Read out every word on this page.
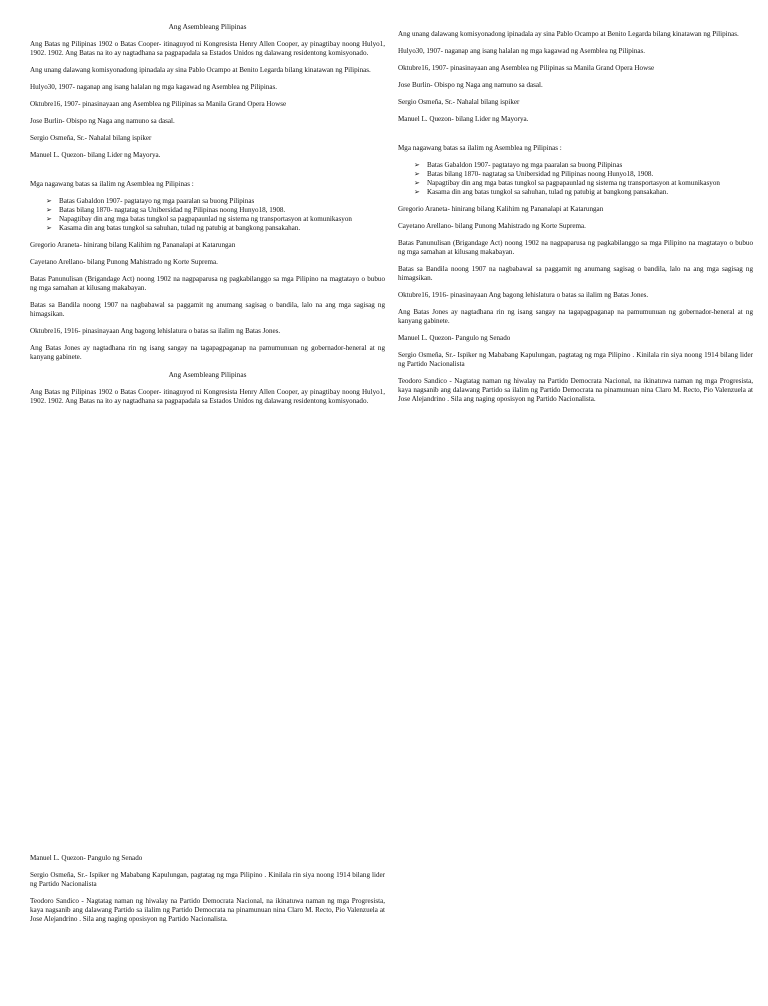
Ang Asembleang Pilipinas

Ang Batas ng Pilipinas 1902 o Batas Cooper- itinaguyod ni Kongresista Henry Allen Cooper, ay pinagtibay noong Hulyo1, 1902. 1902. Ang Batas na ito ay nagtadhana sa pagpapadala sa Estados Unidos ng dalawang residentong komisyonado.

Ang unang dalawang komisyonadong ipinadala ay sina Pablo Ocampo at Benito Legarda bilang kinatawan ng Pilipinas.

Hulyo30, 1907- naganap ang isang halalan ng mga kagawad ng Asemblea ng Pilipinas.

Oktubre16, 1907- pinasinayaan ang Asemblea ng Pilipinas sa Manila Grand Opera Howse

Jose Burlin- Obispo ng Naga ang namuno sa dasal.

Sergio Osmeña, Sr.- Nahalal bilang ispiker

Manuel L. Quezon- bilang Lider ng Mayorya.

Mga nagawang batas sa ilalim ng Asemblea ng Pilipinas :

➢ Batas Gabaldon 1907- pagtatayo ng mga paaralan sa buong Pilipinas
➢ Batas bilang 1870- nagtatag sa Unibersidad ng Pilipinas noong Hunyo18, 1908.
➢ Napagtibay din ang mga batas tungkol sa pagpapaunlad ng sistema ng transportasyon at komunikasyon
➢ Kasama din ang batas tungkol sa sahuhan, tulad ng patubig at bangkong pansakahan.

Gregorio Araneta- hinirang bilang Kalihim ng Pananalapi at Katarungan

Cayetano Arellano- bilang Punong Mahistrado ng Korte Suprema.

Batas Panunulisan (Brigandage Act) noong 1902 na nagpaparusa ng pagkabilanggo sa mga Pilipino na magtatayo o bubuo ng mga samahan at kilusang makabayan.

Batas sa Bandila noong 1907 na nagbabawal sa paggamit ng anumang sagisag o bandila, lalo na ang mga sagisag ng himagsikan.

Oktubre16, 1916- pinasinayaan Ang bagong lehislatura o batas sa ilalim ng Batas Jones.

Ang Batas Jones ay nagtadhana rin ng isang sangay na tagapagpaganap na pamumunuan ng gobernador-heneral at ng kanyang gabinete.

Ang Asembleang Pilipinas

Ang Batas ng Pilipinas 1902 o Batas Cooper- itinaguyod ni Kongresista Henry Allen Cooper, ay pinagtibay noong Hulyo1, 1902. 1902. Ang Batas na ito ay nagtadhana sa pagpapadala sa Estados Unidos ng dalawang residentong komisyonado.

Ang unang dalawang komisyonadong ipinadala ay sina Pablo Ocampo at Benito Legarda bilang kinatawan ng Pilipinas.

Hulyo30, 1907- naganap ang isang halalan ng mga kagawad ng Asemblea ng Pilipinas.

Oktubre16, 1907- pinasinayaan ang Asemblea ng Pilipinas sa Manila Grand Opera Howse

Jose Burlin- Obispo ng Naga ang namuno sa dasal.

Sergio Osmeña, Sr.- Nahalal bilang ispiker

Manuel L. Quezon- bilang Lider ng Mayorya.

Mga nagawang batas sa ilalim ng Asemblea ng Pilipinas :

➢ Batas Gabaldon 1907- pagtatayo ng mga paaralan sa buong Pilipinas
➢ Batas bilang 1870- nagtatag sa Unibersidad ng Pilipinas noong Hunyo18, 1908.
➢ Napagtibay din ang mga batas tungkol sa pagpapaunlad ng sistema ng transportasyon at komunikasyon
➢ Kasama din ang batas tungkol sa sahuhan, tulad ng patubig at bangkong pansakahan.

Gregorio Araneta- hinirang bilang Kalihim ng Pananalapi at Katarungan

Cayetano Arellano- bilang Punong Mahistrado ng Korte Suprema.

Batas Panunulisan (Brigandage Act) noong 1902 na nagpaparusa ng pagkabilanggo sa mga Pilipino na magtatayo o bubuo ng mga samahan at kilusang makabayan.

Batas sa Bandila noong 1907 na nagbabawal sa paggamit ng anumang sagisag o bandila, lalo na ang mga sagisag ng himagsikan.

Oktubre16, 1916- pinasinayaan Ang bagong lehislatura o batas sa ilalim ng Batas Jones.

Ang Batas Jones ay nagtadhana rin ng isang sangay na tagapagpaganap na pamumunuan ng gobernador-heneral at ng kanyang gabinete.

Manuel L. Quezon- Pangulo ng Senado

Sergio Osmeña, Sr.- Ispiker ng Mababang Kapulungan, pagtatag ng mga Pilipino . Kinilala rin siya noong 1914 bilang lider ng Partido Nacionalista

Teodoro Sandico - Nagtatag naman ng hiwalay na Partido Democrata Nacional, na ikinatuwa naman ng mga Progresista, kaya nagsanib ang dalawang Partido sa ilalim ng Partido Democrata na pinamunuan nina Claro M. Recto, Pio Valenzuela at Jose Alejandrino . Sila ang naging oposisyon ng Partido Nacionalista.

Manuel L. Quezon- Pangulo ng Senado

Sergio Osmeña, Sr.- Ispiker ng Mababang Kapulungan, pagtatag ng mga Pilipino . Kinilala rin siya noong 1914 bilang lider ng Partido Nacionalista

Teodoro Sandico - Nagtatag naman ng hiwalay na Partido Democrata Nacional, na ikinatuwa naman ng mga Progresista, kaya nagsanib ang dalawang Partido sa ilalim ng Partido Democrata na pinamunuan nina Claro M. Recto, Pio Valenzuela at Jose Alejandrino . Sila ang naging oposisyon ng Partido Nacionalista.
